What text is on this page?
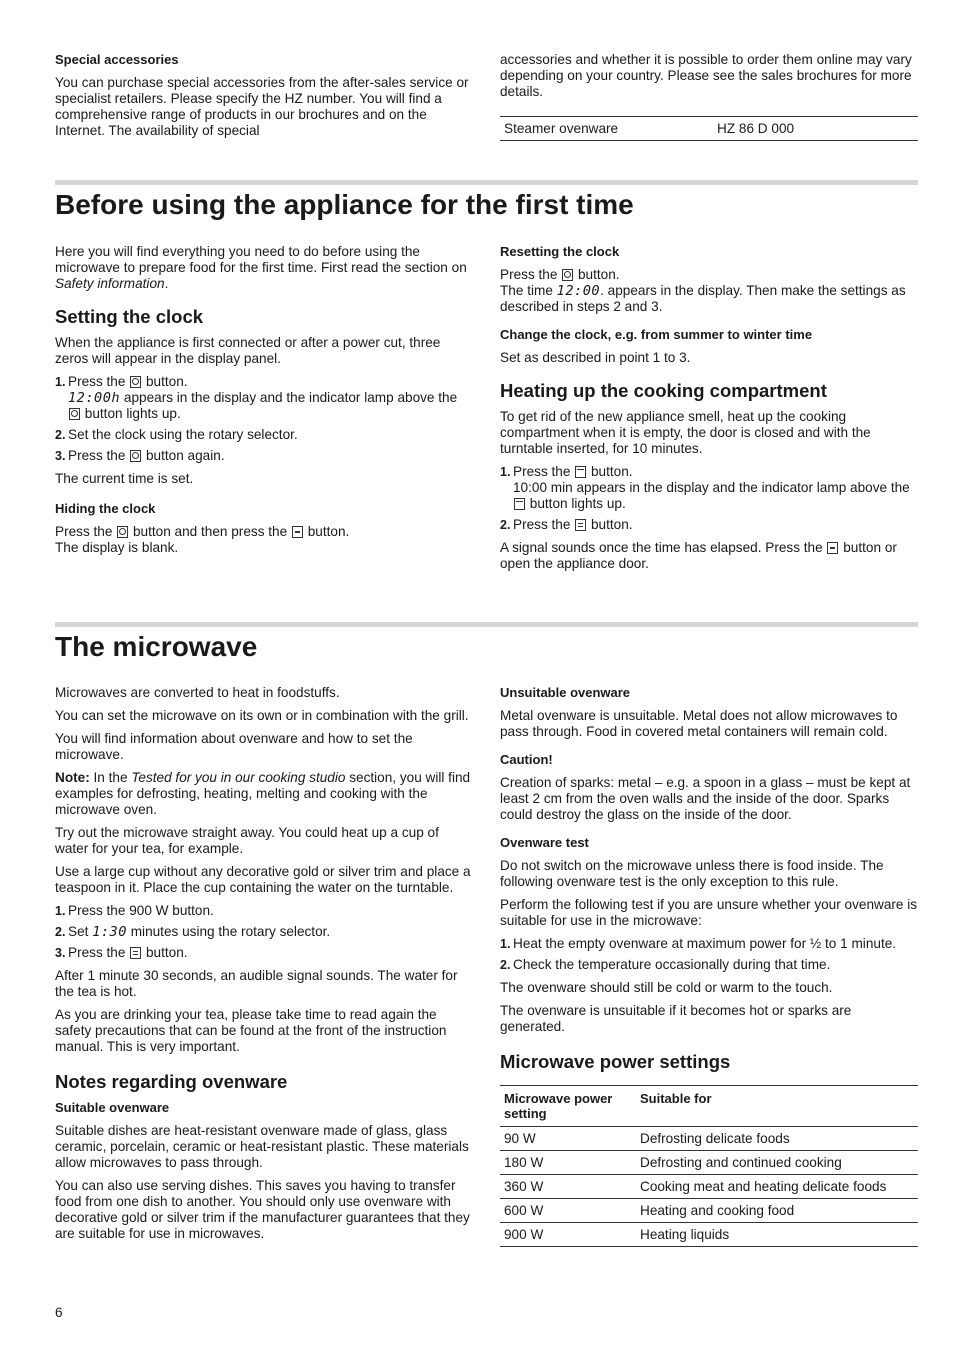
Special accessories

You can purchase special accessories from the after-sales service or specialist retailers. Please specify the HZ number. You will find a comprehensive range of products in our brochures and on the Internet. The availability of special

accessories and whether it is possible to order them online may vary depending on your country. Please see the sales brochures for more details.

Steamer ovenware	HZ 86 D 000
Before using the appliance for the first time

Here you will find everything you need to do before using the microwave to prepare food for the first time. First read the section on Safety information.

Setting the clock

When the appliance is first connected or after a power cut, three zeros will appear in the display panel.

1. Press the button.
12:00h appears in the display and the indicator lamp above the  button lights up.
2. Set the clock using the rotary selector.
3. Press the button again.

The current time is set.

Hiding the clock

Press the button and then press the button.
The display is blank.

Resetting the clock

Press the button.
The time 12:00. appears in the display. Then make the settings as described in steps 2 and 3.

Change the clock, e.g. from summer to winter time

Set as described in point 1 to 3.

Heating up the cooking compartment

To get rid of the new appliance smell, heat up the cooking compartment when it is empty, the door is closed and with the turntable inserted, for 10 minutes.

1. Press the button.
10:00 min appears in the display and the indicator lamp above the  button lights up.
2. Press the button.

A signal sounds once the time has elapsed. Press the button or open the appliance door.

The microwave

Microwaves are converted to heat in foodstuffs.

You can set the microwave on its own or in combination with the grill.

You will find information about ovenware and how to set the microwave.

Note: In the Tested for you in our cooking studio section, you will find examples for defrosting, heating, melting and cooking with the microwave oven.

Try out the microwave straight away. You could heat up a cup of water for your tea, for example.

Use a large cup without any decorative gold or silver trim and place a teaspoon in it. Place the cup containing the water on the turntable.

1. Press the 900 W button.
2. Set 1:30 minutes using the rotary selector.
3. Press the button.

After 1 minute 30 seconds, an audible signal sounds. The water for the tea is hot.

As you are drinking your tea, please take time to read again the safety precautions that can be found at the front of the instruction manual. This is very important.

Notes regarding ovenware
Suitable ovenware

Suitable dishes are heat-resistant ovenware made of glass, glass ceramic, porcelain, ceramic or heat-resistant plastic. These materials allow microwaves to pass through.

You can also use serving dishes. This saves you having to transfer food from one dish to another. You should only use ovenware with decorative gold or silver trim if the manufacturer guarantees that they are suitable for use in microwaves.

Unsuitable ovenware

Metal ovenware is unsuitable. Metal does not allow microwaves to pass through. Food in covered metal containers will remain cold.

Caution!

Creation of sparks: metal – e.g. a spoon in a glass – must be kept at least 2 cm from the oven walls and the inside of the door. Sparks could destroy the glass on the inside of the door.

Ovenware test

Do not switch on the microwave unless there is food inside. The following ovenware test is the only exception to this rule.

Perform the following test if you are unsure whether your ovenware is suitable for use in the microwave:

1. Heat the empty ovenware at maximum power for ½ to 1 minute.
2. Check the temperature occasionally during that time.

The ovenware should still be cold or warm to the touch.

The ovenware is unsuitable if it becomes hot or sparks are generated.

Microwave power settings
Microwave power setting	Suitable for
90 W	Defrosting delicate foods
180 W	Defrosting and continued cooking
360 W	Cooking meat and heating delicate foods
600 W	Heating and cooking food
900 W	Heating liquids
6
